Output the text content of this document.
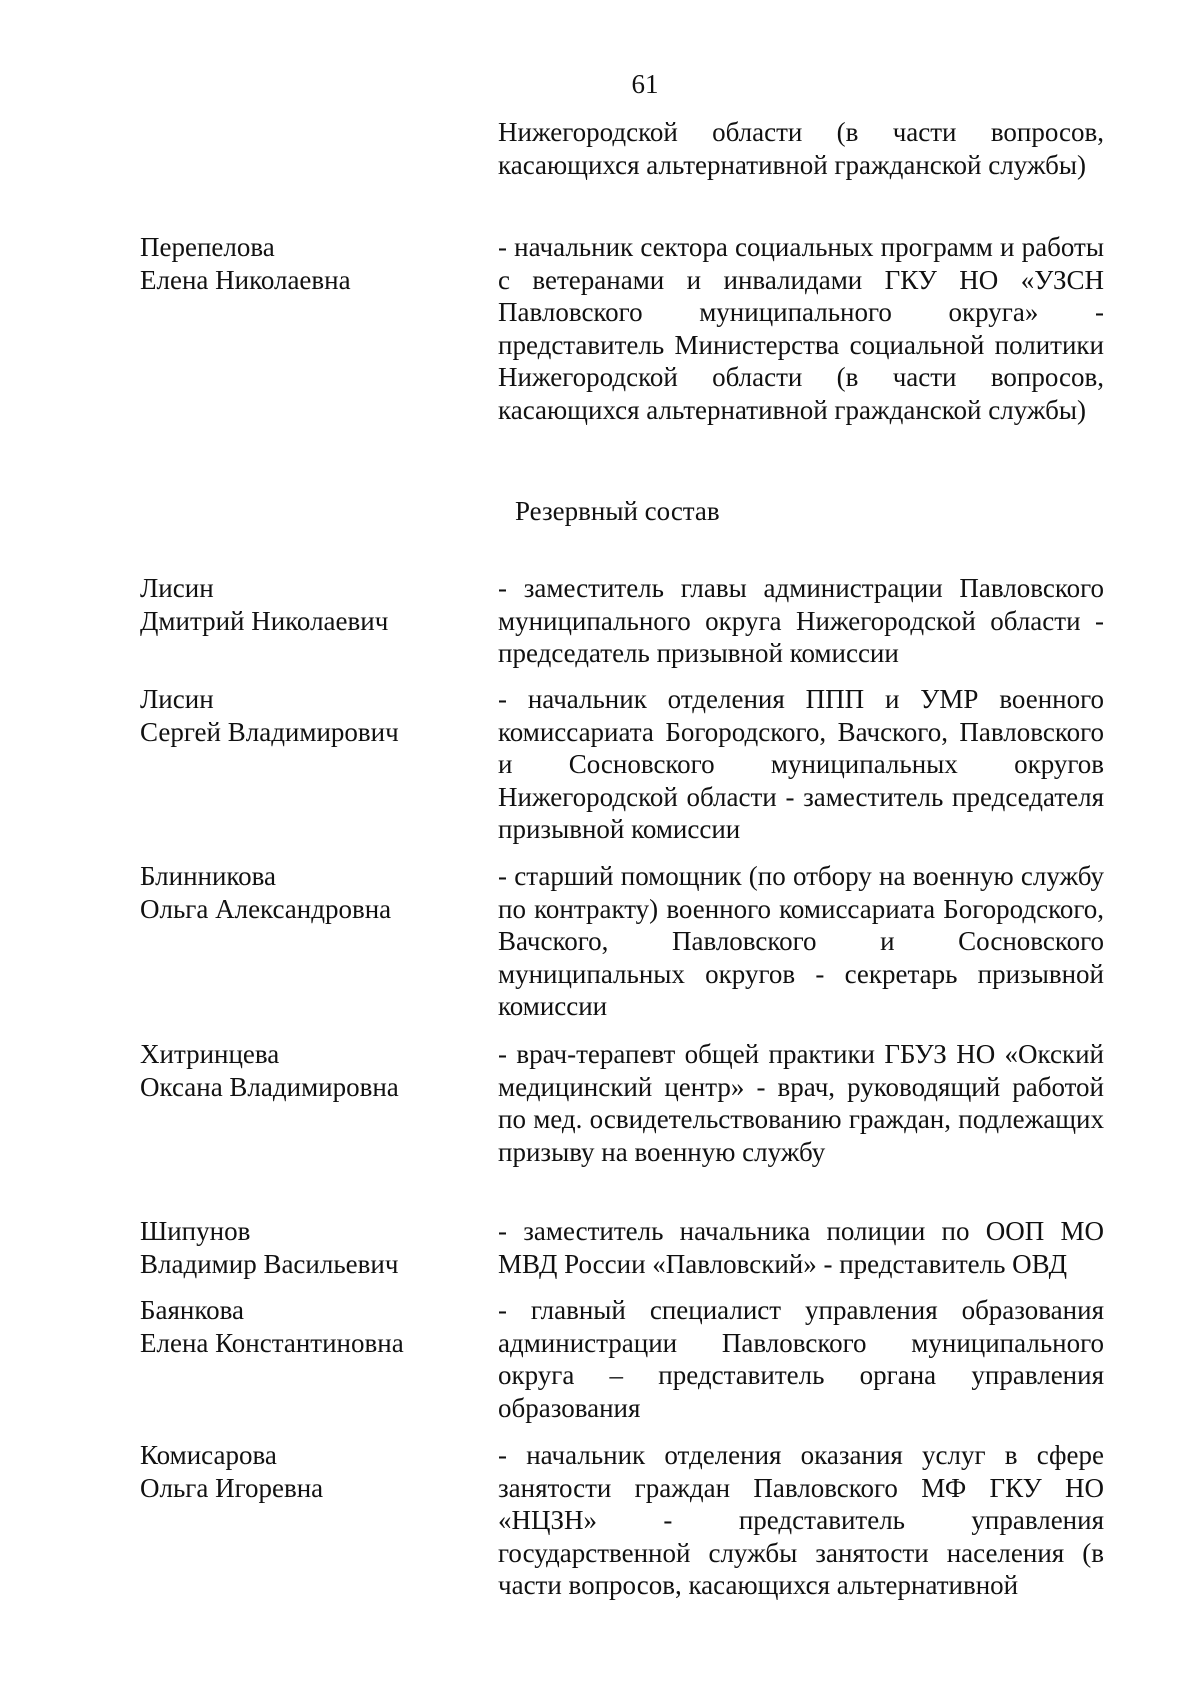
61
Нижегородской области (в части вопросов, касающихся альтернативной гражданской службы)
Перепелова
Елена Николаевна
- начальник сектора социальных программ и работы с ветеранами и инвалидами ГКУ НО «УЗСН Павловского муниципального округа» - представитель Министерства социальной политики Нижегородской области (в части вопросов, касающихся альтернативной гражданской службы)
Резервный состав
Лисин
Дмитрий Николаевич
- заместитель главы администрации Павловского муниципального округа Нижегородской области - председатель призывной комиссии
Лисин
Сергей Владимирович
- начальник отделения ППП и УМР военного комиссариата Богородского, Вачского, Павловского и Сосновского муниципальных округов Нижегородской области - заместитель председателя призывной комиссии
Блинникова
Ольга Александровна
- старший помощник (по отбору на военную службу по контракту) военного комиссариата Богородского, Вачского, Павловского и Сосновского муниципальных округов - секретарь призывной комиссии
Хитринцева
Оксана Владимировна
- врач-терапевт общей практики ГБУЗ НО «Окский медицинский центр» - врач, руководящий работой по мед. освидетельствованию граждан, подлежащих призыву на военную службу
Шипунов
Владимир Васильевич
- заместитель начальника полиции по ООП МО МВД России «Павловский» - представитель ОВД
Баянкова
Елена Константиновна
- главный специалист управления образования администрации Павловского муниципального округа – представитель органа управления образования
Комисарова
Ольга Игоревна
- начальник отделения оказания услуг в сфере занятости граждан Павловского МФ ГКУ НО «НЦЗН» - представитель управления государственной службы занятости населения (в части вопросов, касающихся альтернативной
